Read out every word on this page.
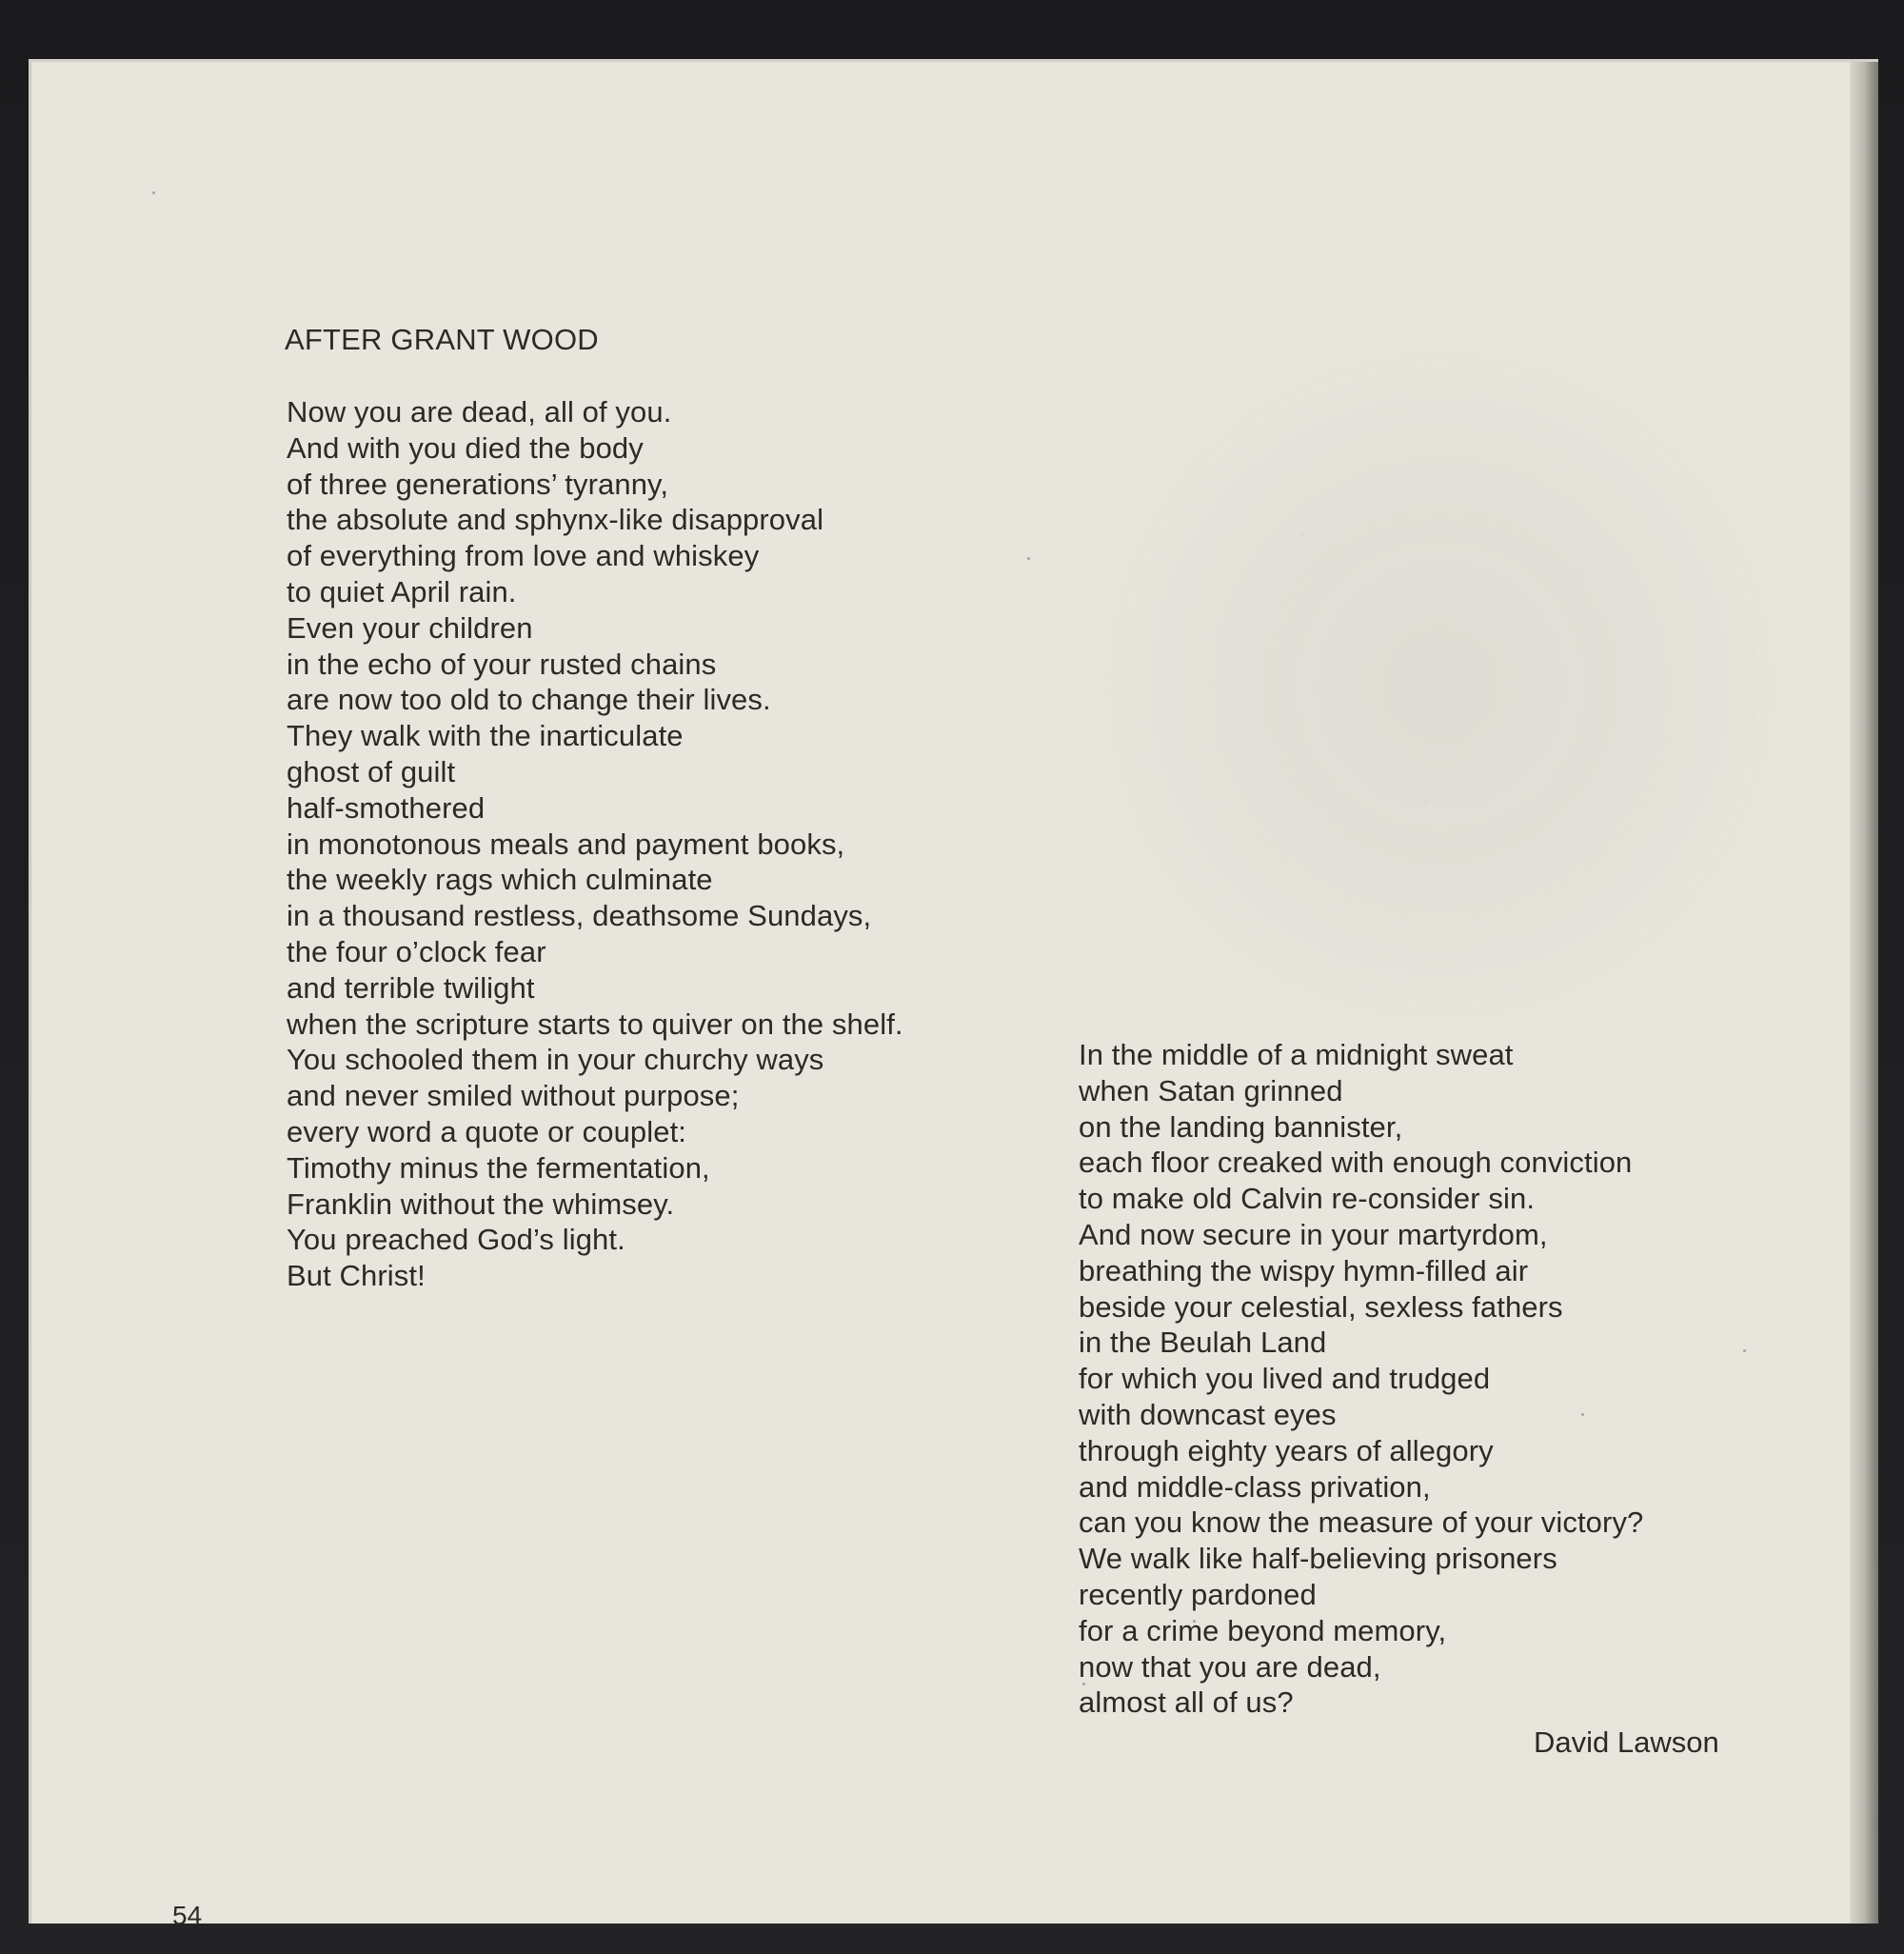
AFTER GRANT WOOD
Now you are dead, all of you.
And with you died the body
of three generations’ tyranny,
the absolute and sphynx-like disapproval
of everything from love and whiskey
to quiet April rain.
Even your children
in the echo of your rusted chains
are now too old to change their lives.
They walk with the inarticulate
ghost of guilt
half-smothered
in monotonous meals and payment books,
the weekly rags which culminate
in a thousand restless, deathsome Sundays,
the four o’clock fear
and terrible twilight
when the scripture starts to quiver on the shelf.
You schooled them in your churchy ways
and never smiled without purpose;
every word a quote or couplet:
Timothy minus the fermentation,
Franklin without the whimsey.
You preached God’s light.
But Christ!
In the middle of a midnight sweat
when Satan grinned
on the landing bannister,
each floor creaked with enough conviction
to make old Calvin re-consider sin.
And now secure in your martyrdom,
breathing the wispy hymn-filled air
beside your celestial, sexless fathers
in the Beulah Land
for which you lived and trudged
with downcast eyes
through eighty years of allegory
and middle-class privation,
can you know the measure of your victory?
We walk like half-believing prisoners
recently pardoned
for a crime beyond memory,
now that you are dead,
almost all of us?

David Lawson

54
